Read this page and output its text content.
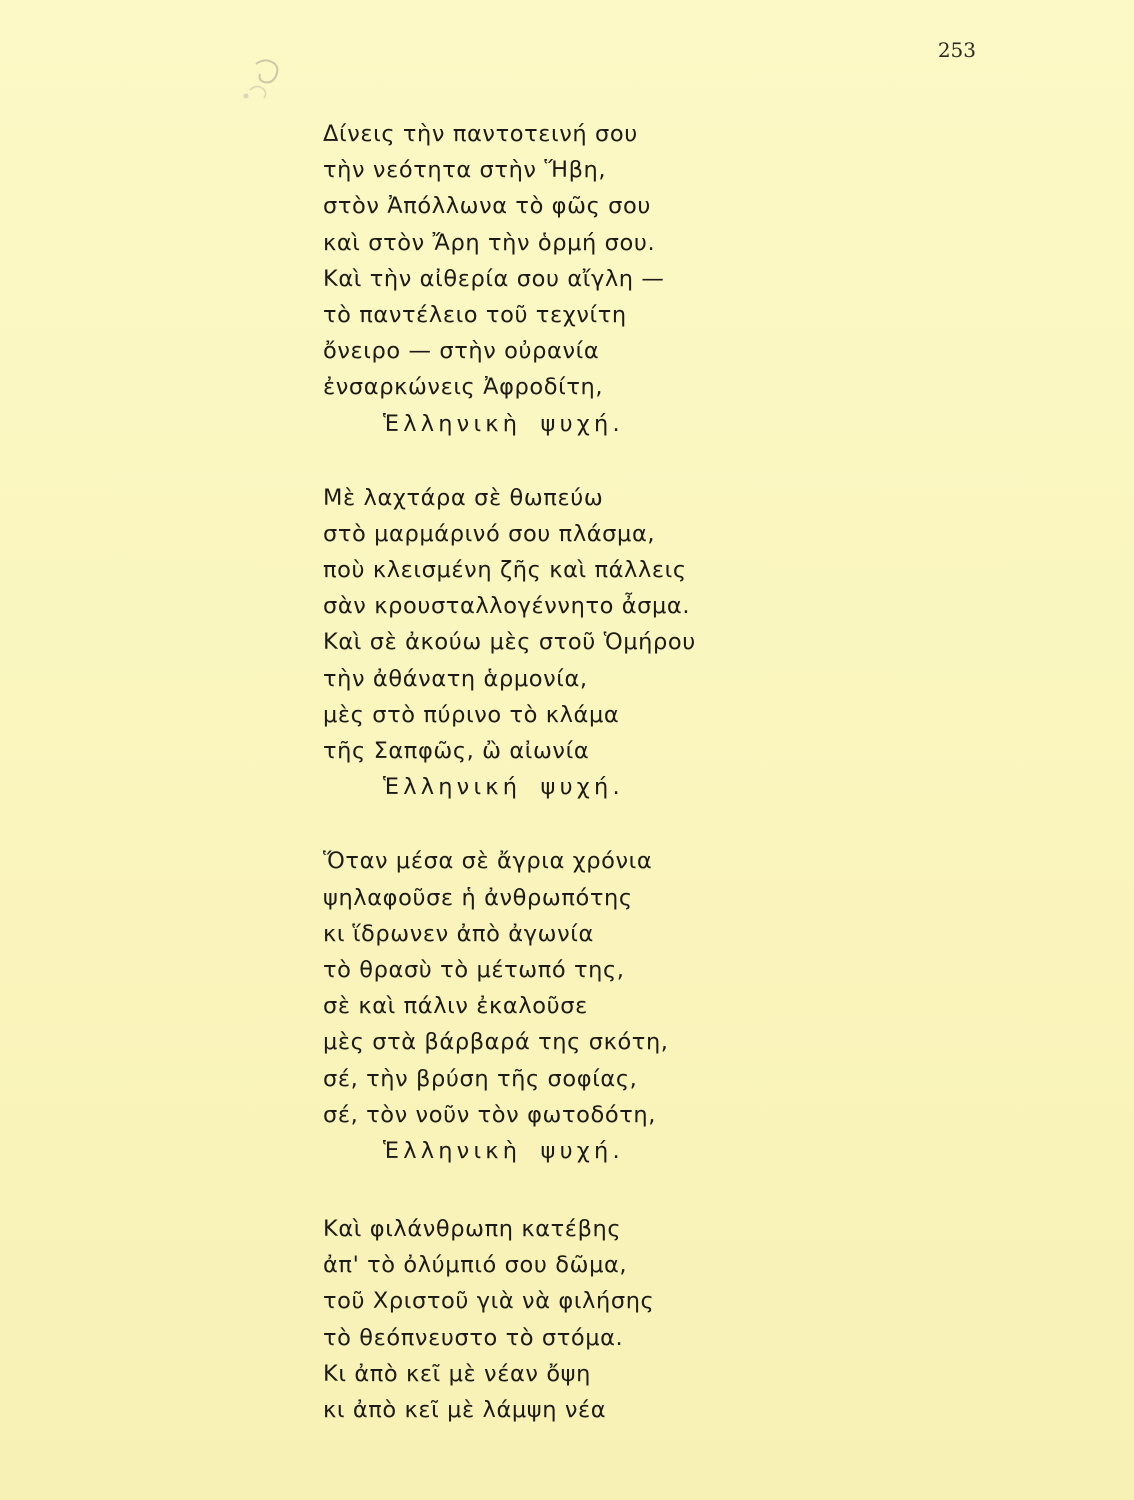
253
Δίνεις τὴν παντοτεινή σου
τὴν νεότητα στὴν Ἥβη,
στὸν Ἀπόλλωνα τὸ φῶς σου
καὶ στὸν Ἄρη τὴν ὁρμή σου.
Καὶ τὴν αἰθερία σου αἴγλη —
τὸ παντέλειο τοῦ τεχνίτη
ὄνειρο — στὴν οὐρανία
ἐνσαρκώνεις Ἀφροδίτη,
Ἑλληνικὴ ψυχή.
Μὲ λαχτάρα σὲ θωπεύω
στὸ μαρμάρινό σου πλάσμα,
ποὺ κλεισμένη ζῆς καὶ πάλλεις
σὰν κρουσταλλογέννητο ἆσμα.
Καὶ σὲ ἀκούω μὲς στοῦ Ὁμήρου
τὴν ἀθάνατη ἁρμονία,
μὲς στὸ πύρινο τὸ κλάμα
τῆς Σαπφῶς, ὢ αἰωνία
Ἑλληνική ψυχή.
Ὅταν μέσα σὲ ἄγρια χρόνια
ψηλαφοῦσε ἡ ἀνθρωπότης
κι ἵδρωνεν ἀπὸ ἀγωνία
τὸ θρασὺ τὸ μέτωπό της,
σὲ καὶ πάλιν ἐκαλοῦσε
μὲς στὰ βάρβαρά της σκότη,
σέ, τὴν βρύση τῆς σοφίας,
σέ, τὸν νοῦν τὸν φωτοδότη,
Ἑλληνικὴ ψυχή.
Καὶ φιλάνθρωπη κατέβης
ἀπ' τὸ ὀλύμπιό σου δῶμα,
τοῦ Χριστοῦ γιὰ νὰ φιλήσης
τὸ θεόπνευστο τὸ στόμα.
Κι ἀπὸ κεῖ μὲ νέαν ὄψη
κι ἀπὸ κεῖ μὲ λάμψη νέα
